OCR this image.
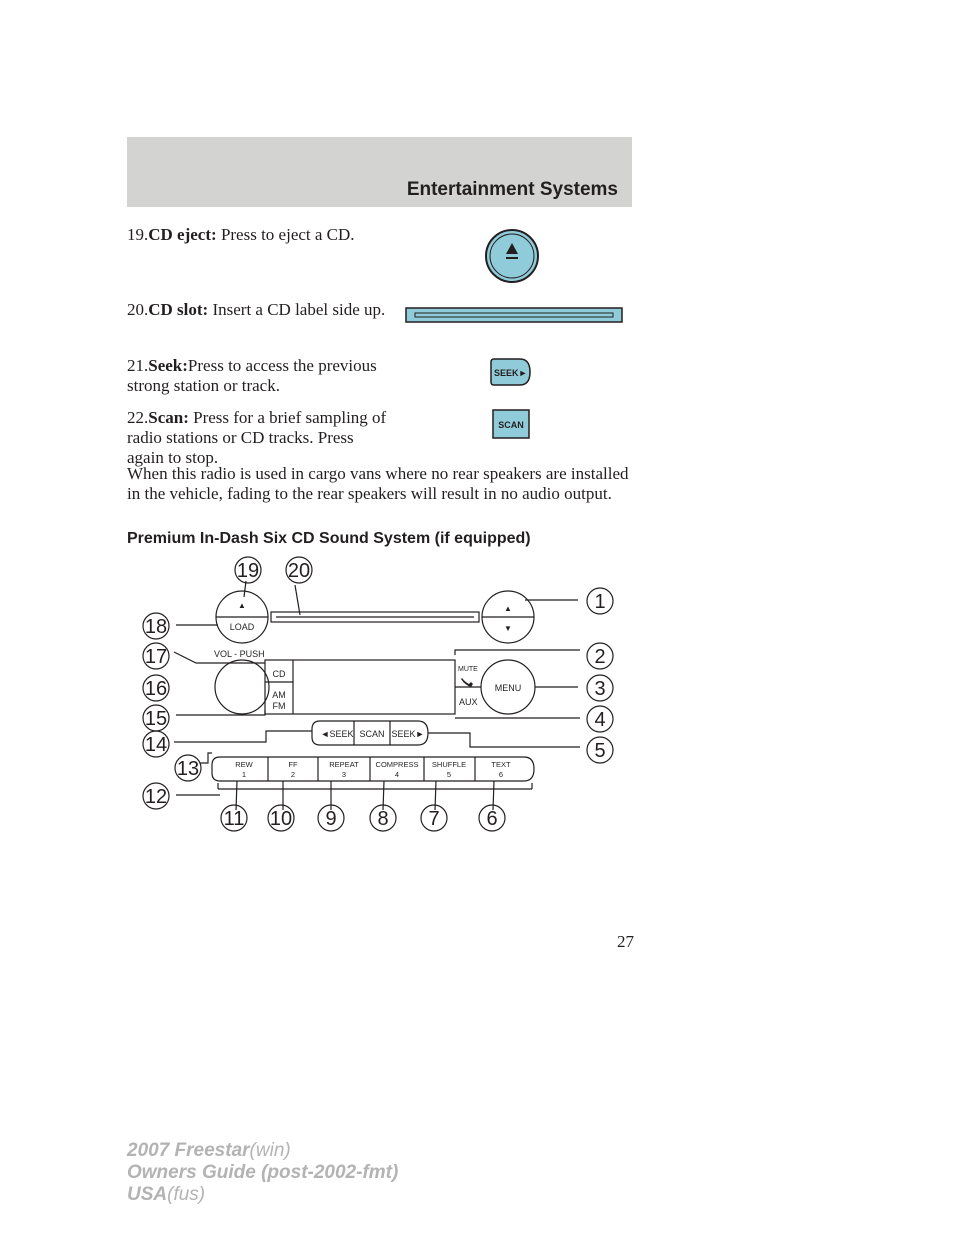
Entertainment Systems
19.CD eject: Press to eject a CD.
20.CD slot: Insert a CD label side up.
21.Seek:Press to access the previous strong station or track.
SEEK►
22.Scan: Press for a brief sampling of radio stations or CD tracks. Press again to stop.
SCAN
When this radio is used in cargo vans where no rear speakers are installed in the vehicle, fading to the rear speakers will result in no audio output.
Premium In-Dash Six CD Sound System (if equipped)
▲	▲
▼
LOAD
VOL - PUSH
CD
AM
FM
MUTE
AUX
MENU
◄SEEK SCAN SEEK►
REW
1
FF
2
REPEAT
3
COMPRESS
4
SHUFFLE
5
TEXT
6
1
2
3
4
5
6
7
8
9
10
11
12
13
14
15
16
17
18
19 20
27
2007 Freestar(win)
Owners Guide (post-2002-fmt)
USA(fus)
